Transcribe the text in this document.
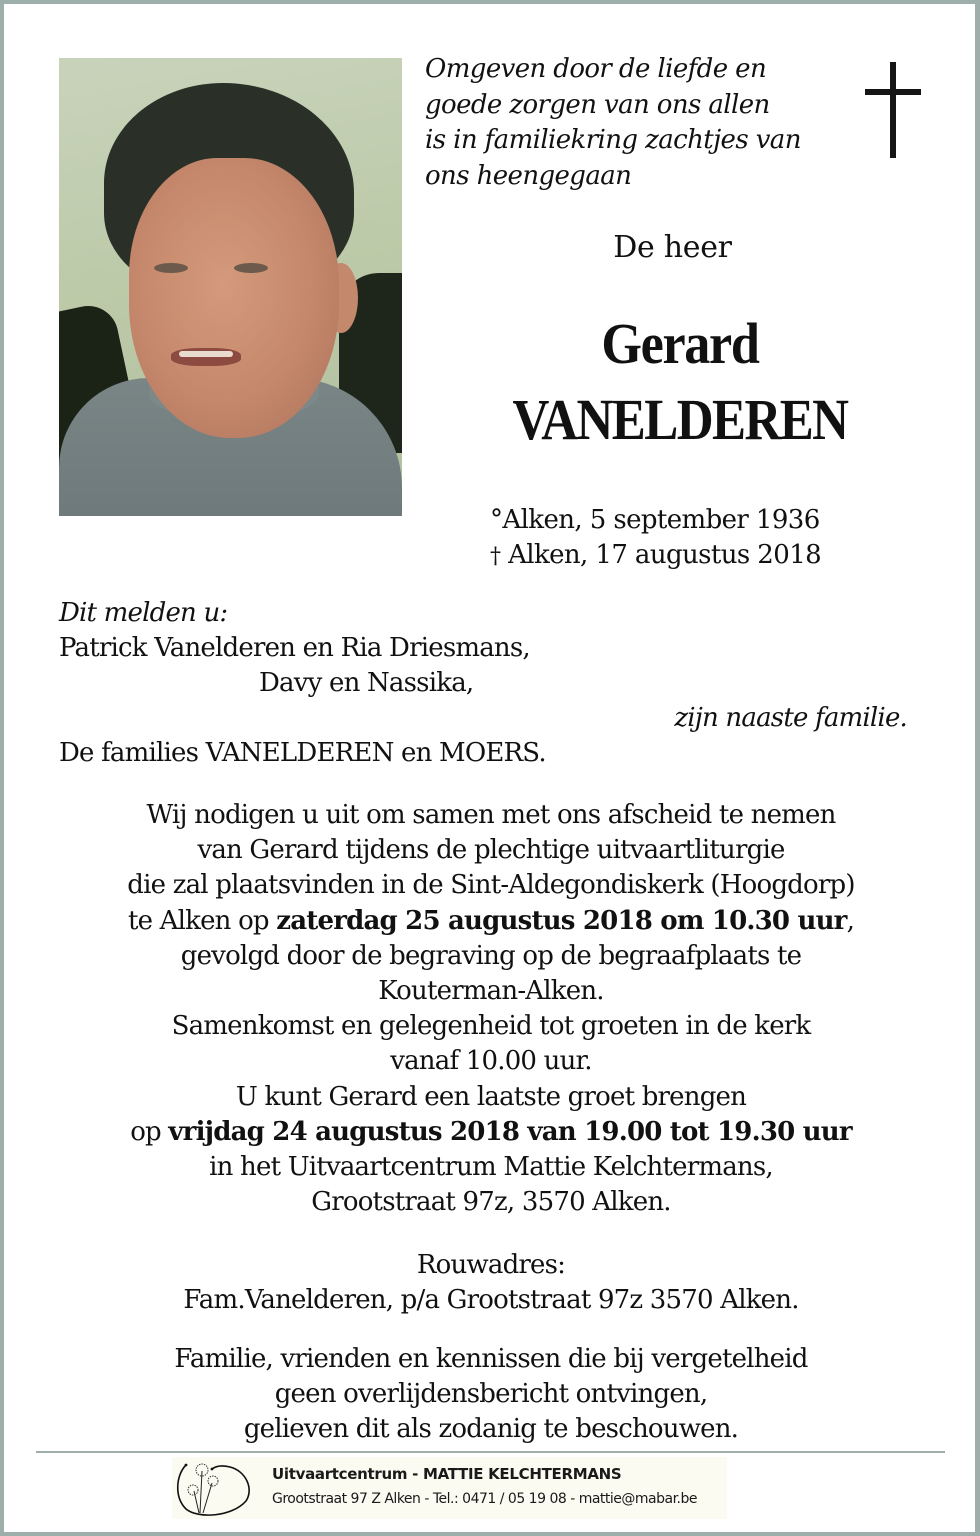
Omgeven door de liefde en
goede zorgen van ons allen
is in familiekring zachtjes van
ons heengegaan
De heer
Gerard
VANELDEREN
°Alken, 5 september 1936
† Alken, 17 augustus 2018
Dit melden u:
Patrick Vanelderen en Ria Driesmans,
Davy en Nassika,
zijn naaste familie.
De families VANELDEREN en MOERS.
Wij nodigen u uit om samen met ons afscheid te nemen
van Gerard tijdens de plechtige uitvaartliturgie
die zal plaatsvinden in de Sint-Aldegondiskerk (Hoogdorp)
te Alken op zaterdag 25 augustus 2018 om 10.30 uur,
gevolgd door de begraving op de begraafplaats te
Kouterman-Alken.
Samenkomst en gelegenheid tot groeten in de kerk
vanaf 10.00 uur.
U kunt Gerard een laatste groet brengen
op vrijdag 24 augustus 2018 van 19.00 tot 19.30 uur
in het Uitvaartcentrum Mattie Kelchtermans,
Grootstraat 97z, 3570 Alken.
Rouwadres:
Fam.Vanelderen, p/a Grootstraat 97z 3570 Alken.
Familie, vrienden en kennissen die bij vergetelheid
geen overlijdensbericht ontvingen,
gelieven dit als zodanig te beschouwen.
Uitvaartcentrum - MATTIE KELCHTERMANS
Grootstraat 97 Z Alken - Tel.: 0471 / 05 19 08 - mattie@mabar.be
